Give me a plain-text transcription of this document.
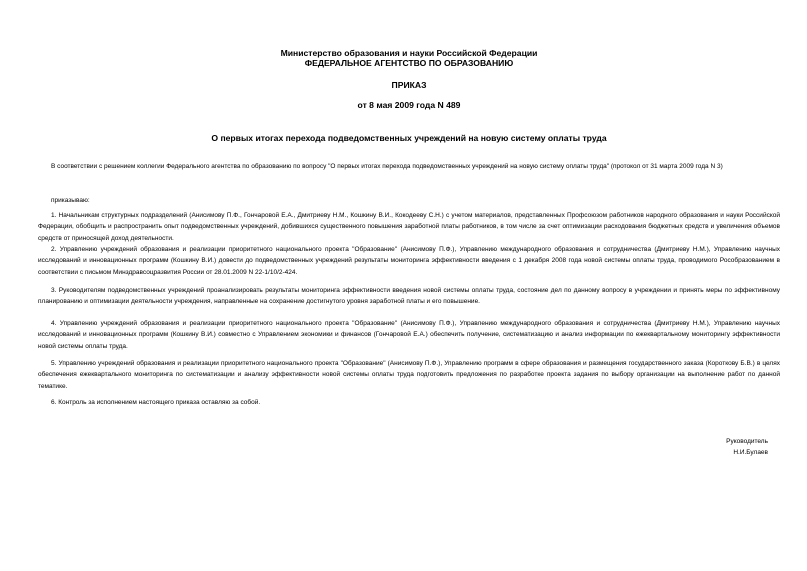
Министерство образования и науки Российской Федерации
ФЕДЕРАЛЬНОЕ АГЕНТСТВО ПО ОБРАЗОВАНИЮ
ПРИКАЗ
от 8 мая 2009 года N 489
О первых итогах перехода подведомственных учреждений на новую систему оплаты труда

В соответствии с решением коллегии Федерального агентства по образованию по вопросу "О первых итогах перехода подведомственных учреждений на новую систему оплаты труда" (протокол от 31 марта 2009 года N 3)

приказываю:

1. Начальникам структурных подразделений (Анисимову П.Ф., Гончаровой Е.А., Дмитриеву Н.М., Кошкину В.И., Кокодееву С.Н.) с учетом материалов, представленных Профсоюзом работников народного образования и науки Российской Федерации, обобщить и распространить опыт подведомственных учреждений, добившихся существенного повышения заработной платы работников, в том числе за счет оптимизации расходования бюджетных средств и увеличения объемов средств от приносящей доход деятельности.

2. Управлению учреждений образования и реализации приоритетного национального проекта "Образование" (Анисимову П.Ф.), Управлению международного образования и сотрудничества (Дмитриеву Н.М.), Управлению научных исследований и инновационных программ (Кошкину В.И.) довести до подведомственных учреждений результаты мониторинга эффективности введения с 1 декабря 2008 года новой системы оплаты труда, проводимого Рособразованием в соответствии с письмом Минздравсоцразвития России от 28.01.2009 N 22-1/10/2-424.

3. Руководителям подведомственных учреждений проанализировать результаты мониторинга эффективности введения новой системы оплаты труда, состояние дел по данному вопросу в учреждении и принять меры по эффективному планированию и оптимизации деятельности учреждения, направленные на сохранение достигнутого уровня заработной платы и его повышение.

4. Управлению учреждений образования и реализации приоритетного национального проекта "Образование" (Анисимову П.Ф.), Управлению международного образования и сотрудничества (Дмитриеву Н.М.), Управлению научных исследований и инновационных программ (Кошкину В.И.) совместно с Управлением экономики и финансов (Гончаровой Е.А.) обеспечить получение, систематизацию и анализ информации по ежеквартальному мониторингу эффективности новой системы оплаты труда.

5. Управлению учреждений образования и реализации приоритетного национального проекта "Образование" (Анисимову П.Ф.), Управлению программ в сфере образования и размещения государственного заказа (Короткову Б.В.) в целях обеспечения ежеквартального мониторинга по систематизации и анализу эффективности новой системы оплаты труда подготовить предложения по разработке проекта задания по выбору организации на выполнение работ по данной тематике.

6. Контроль за исполнением настоящего приказа оставляю за собой.

Руководитель
Н.И.Булаев
